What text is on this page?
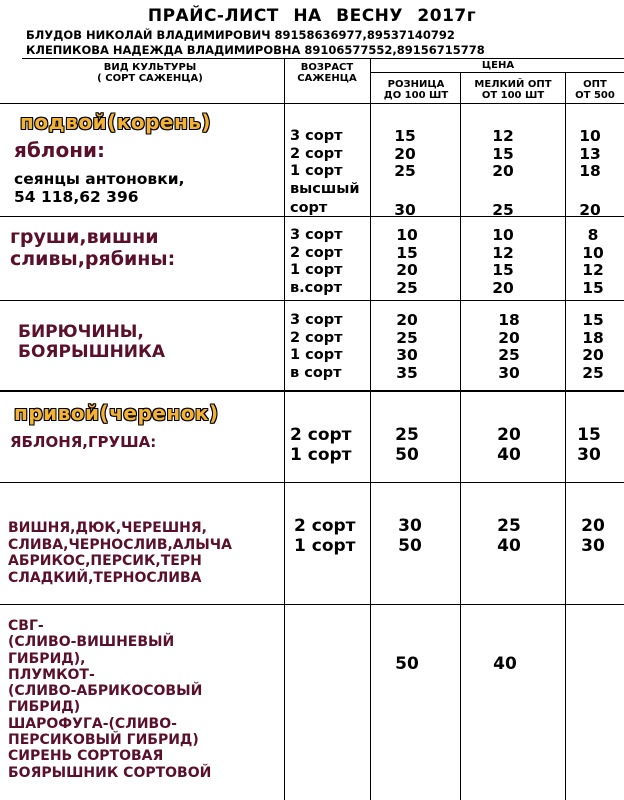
ПРАЙС-ЛИСТ НА ВЕСНУ 2017г
БЛУДОВ НИКОЛАЙ ВЛАДИМИРОВИЧ 89158636977,89537140792
КЛЕПИКОВА НАДЕЖДА ВЛАДИМИРОВНА 89106577552,89156715778
ВИД КУЛЬТУРЫ
( СОРТ САЖЕНЦА)
ВОЗРАСТ
САЖЕНЦА
ЦЕНА
РОЗНИЦА
ДО 100 ШТ
МЕЛКИЙ ОПТ
ОТ 100 ШТ
ОПТ
ОТ 500
подвой(корень)
яблони:
сеянцы антоновки,
54 118,62 396
3 сорт
2 сорт
1 сорт
высшый
сорт
15
20
25
30
12
15
20
25
10
13
18
20
груши,вишни
сливы,рябины:
3 сорт
2 сорт
1 сорт
в.сорт
10
15
20
25
10
12
15
20
8
10
12
15
БИРЮЧИНЫ,
БОЯРЫШНИКА
3 сорт
2 сорт
1 сорт
в сорт
20
25
30
35
18
20
25
30
15
18
20
25
привой(черенок)
ЯБЛОНЯ,ГРУША:	2 сорт
1 сорт
25
50
20
40
15
30
ВИШНЯ,ДЮК,ЧЕРЕШНЯ,
СЛИВА,ЧЕРНОСЛИВ,АЛЫЧА
АБРИКОС,ПЕРСИК,ТЕРН
СЛАДКИЙ,ТЕРНОСЛИВА
2 сорт
1 сорт
30
50
25
40
20
30
СВГ-
(СЛИВО-ВИШНЕВЫЙ
ГИБРИД),
ПЛУМКОТ-
(СЛИВО-АБРИКОСОВЫЙ
ГИБРИД)
ШАРОФУГА-(СЛИВО-
ПЕРСИКОВЫЙ ГИБРИД)
СИРЕНЬ СОРТОВАЯ
БОЯРЫШНИК СОРТОВОЙ
50	40
